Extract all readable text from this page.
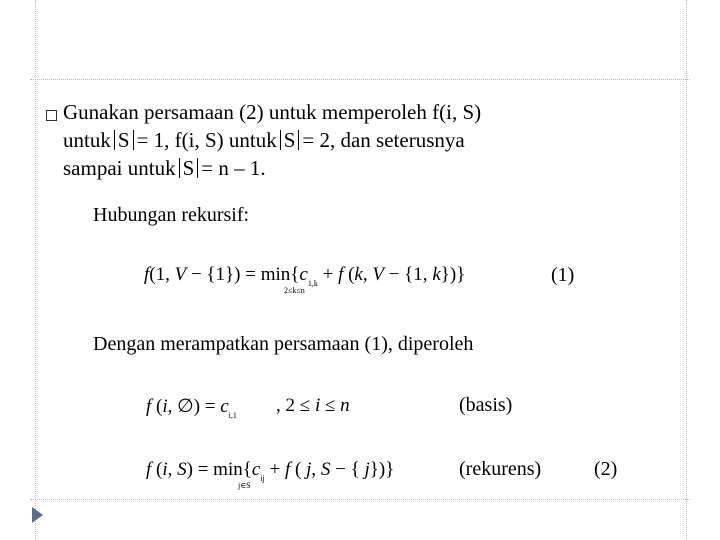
Gunakan persamaan (2) untuk memperoleh f(i, S)
untuk S = 1, f(i, S) untuk S = 2, dan seterusnya
sampai untuk S = n – 1.
Hubungan rekursif:
f(1, $V - \{1\}) = \min\{c_{1,k} + f$ (k, V − {1, k})}
2≤k≤n
(1)
Dengan merampatkan persamaan (1), diperoleh
f (i, ∅) = $c_{i,1}$ , 2 ≤ i ≤ n	(basis)
f (i, $S) = \min\{c_{ij} + f$ ( j, S − { j})}
j∈S
(rekurens)	(2)
